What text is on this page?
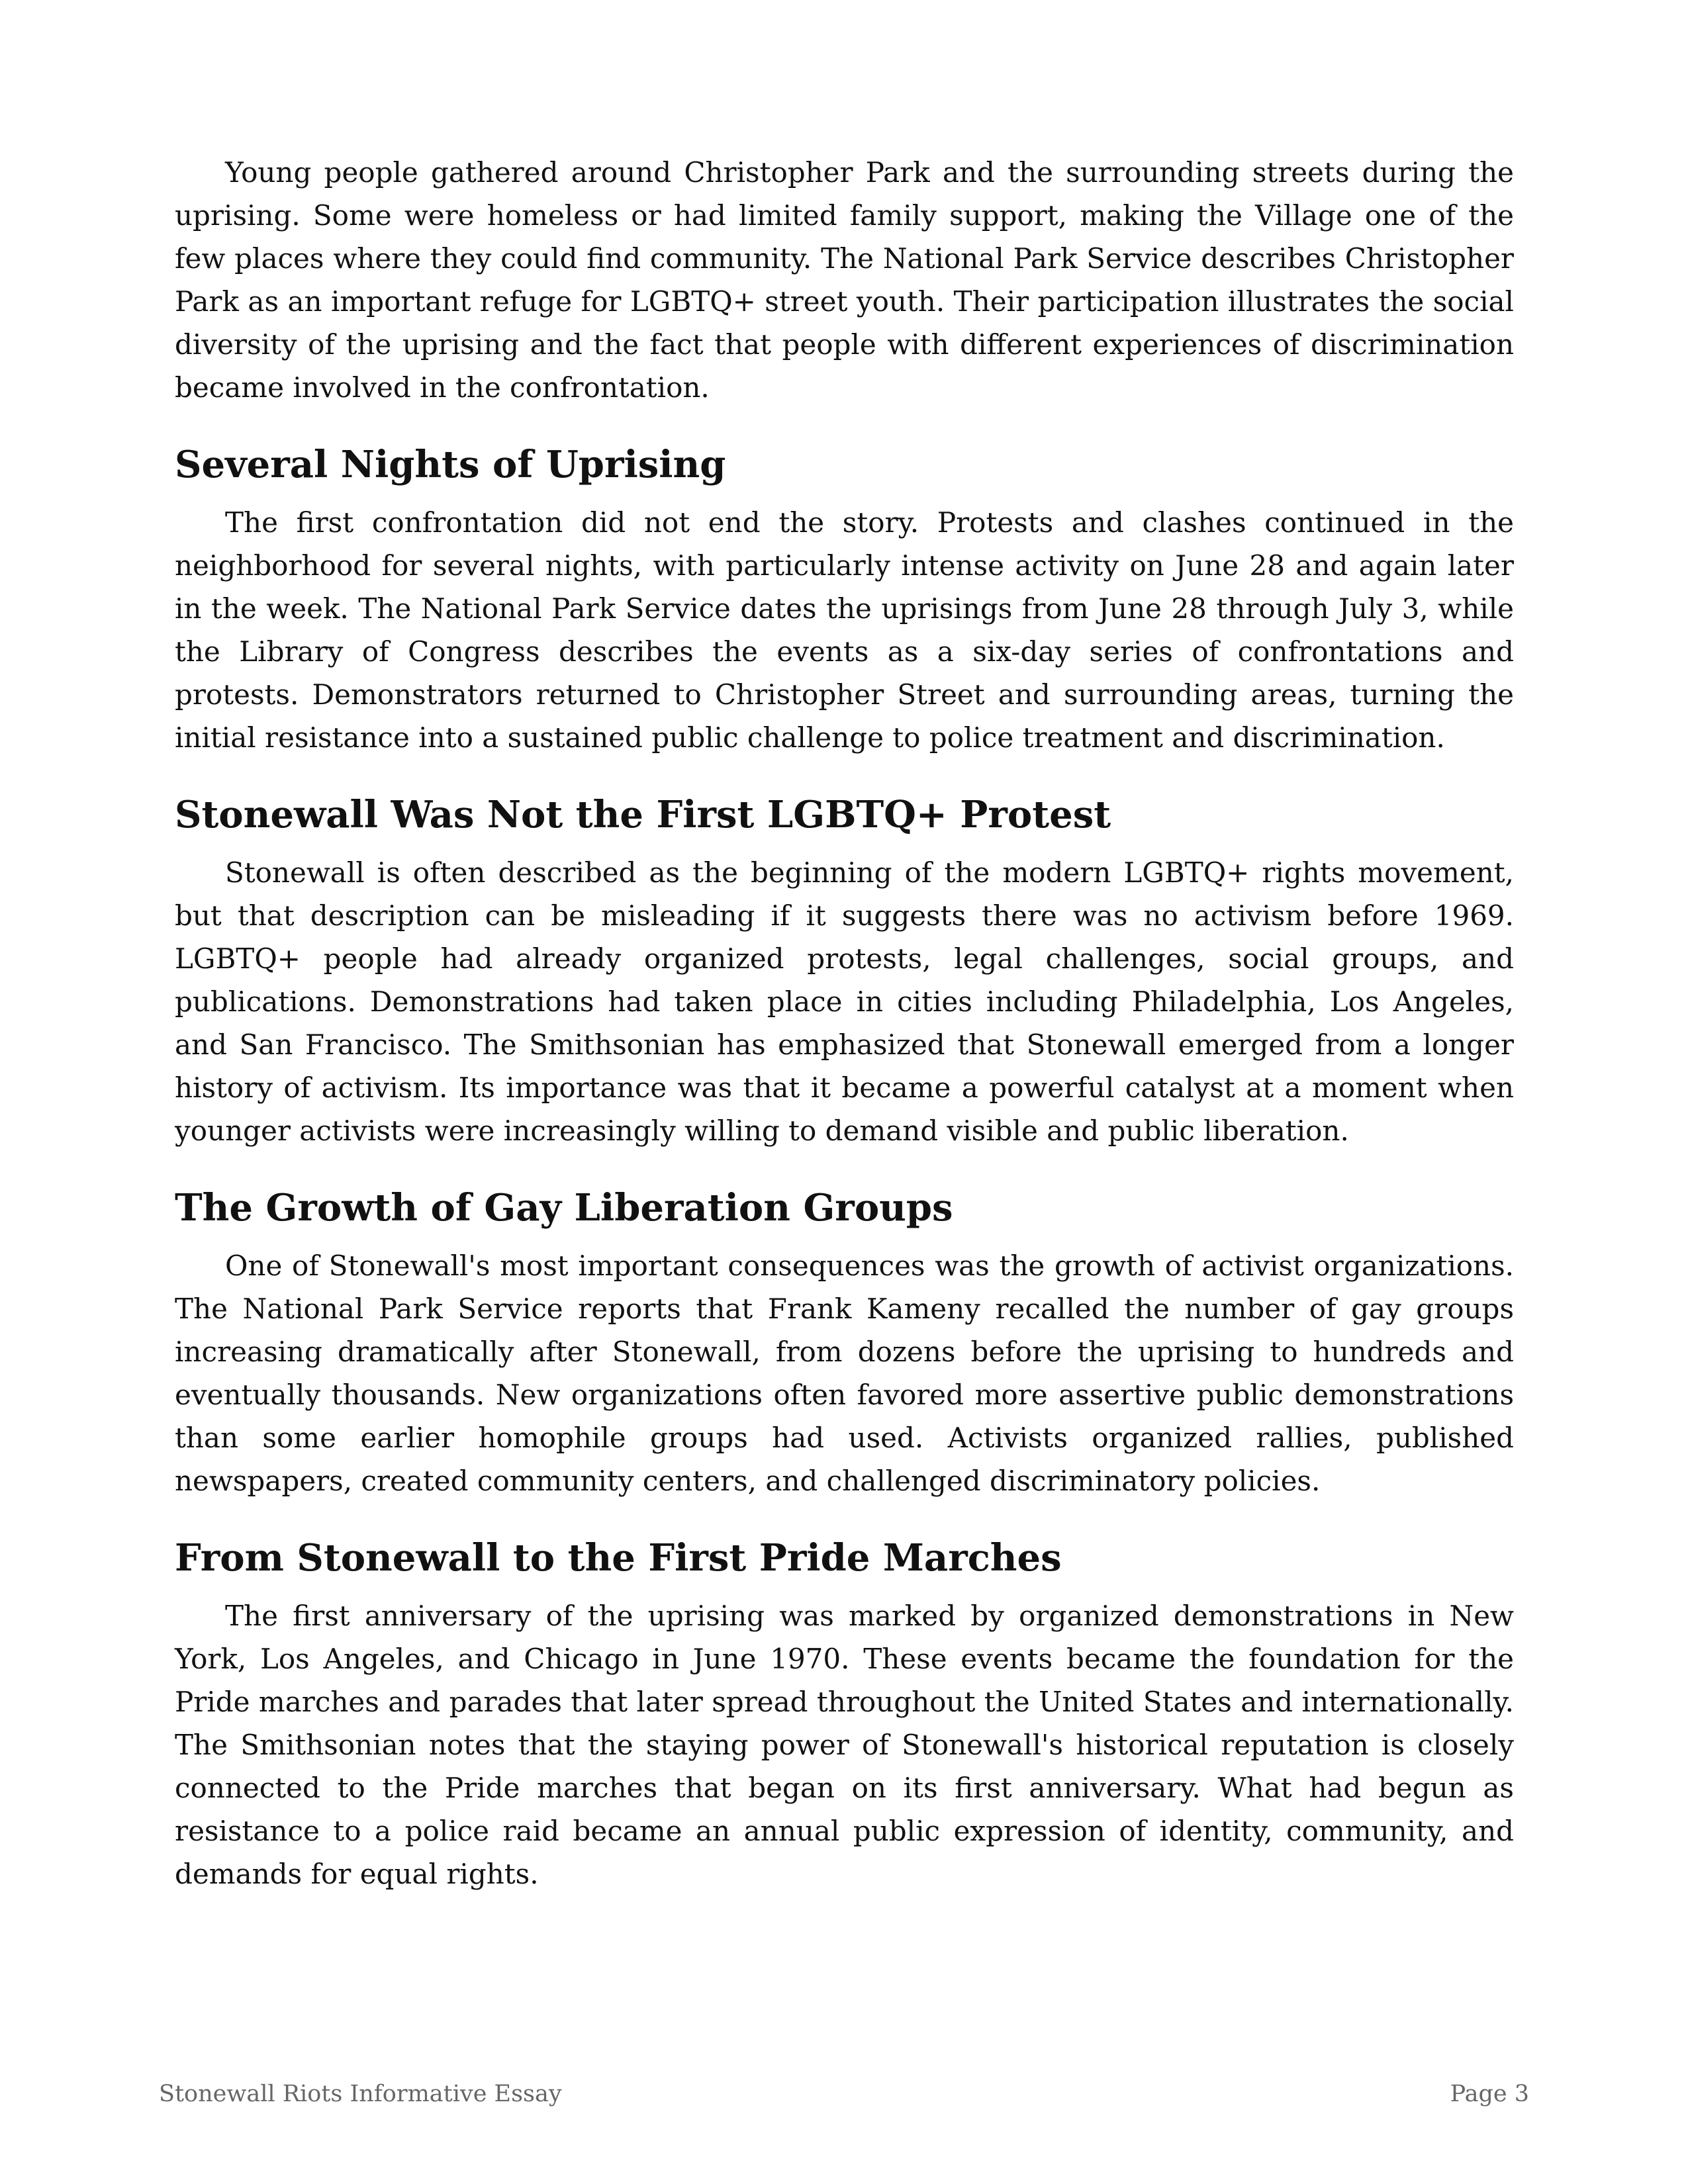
Young people gathered around Christopher Park and the surrounding streets during the uprising. Some were homeless or had limited family support, making the Village one of the few places where they could find community. The National Park Service describes Christopher Park as an important refuge for LGBTQ+ street youth. Their participation illustrates the social diversity of the uprising and the fact that people with different experiences of discrimination became involved in the confrontation.

Several Nights of Uprising

The first confrontation did not end the story. Protests and clashes continued in the neighborhood for several nights, with particularly intense activity on June 28 and again later in the week. The National Park Service dates the uprisings from June 28 through July 3, while the Library of Congress describes the events as a six-day series of confrontations and protests. Demonstrators returned to Christopher Street and surrounding areas, turning the initial resistance into a sustained public challenge to police treatment and discrimination.

Stonewall Was Not the First LGBTQ+ Protest

Stonewall is often described as the beginning of the modern LGBTQ+ rights movement, but that description can be misleading if it suggests there was no activism before 1969. LGBTQ+ people had already organized protests, legal challenges, social groups, and publications. Demonstrations had taken place in cities including Philadelphia, Los Angeles, and San Francisco. The Smithsonian has emphasized that Stonewall emerged from a longer history of activism. Its importance was that it became a powerful catalyst at a moment when younger activists were increasingly willing to demand visible and public liberation.

The Growth of Gay Liberation Groups

One of Stonewall's most important consequences was the growth of activist organizations. The National Park Service reports that Frank Kameny recalled the number of gay groups increasing dramatically after Stonewall, from dozens before the uprising to hundreds and eventually thousands. New organizations often favored more assertive public demonstrations than some earlier homophile groups had used. Activists organized rallies, published newspapers, created community centers, and challenged discriminatory policies.

From Stonewall to the First Pride Marches

The first anniversary of the uprising was marked by organized demonstrations in New York, Los Angeles, and Chicago in June 1970. These events became the foundation for the Pride marches and parades that later spread throughout the United States and internationally. The Smithsonian notes that the staying power of Stonewall's historical reputation is closely connected to the Pride marches that began on its first anniversary. What had begun as resistance to a police raid became an annual public expression of identity, community, and demands for equal rights.

Stonewall Riots Informative Essay	Page 3
